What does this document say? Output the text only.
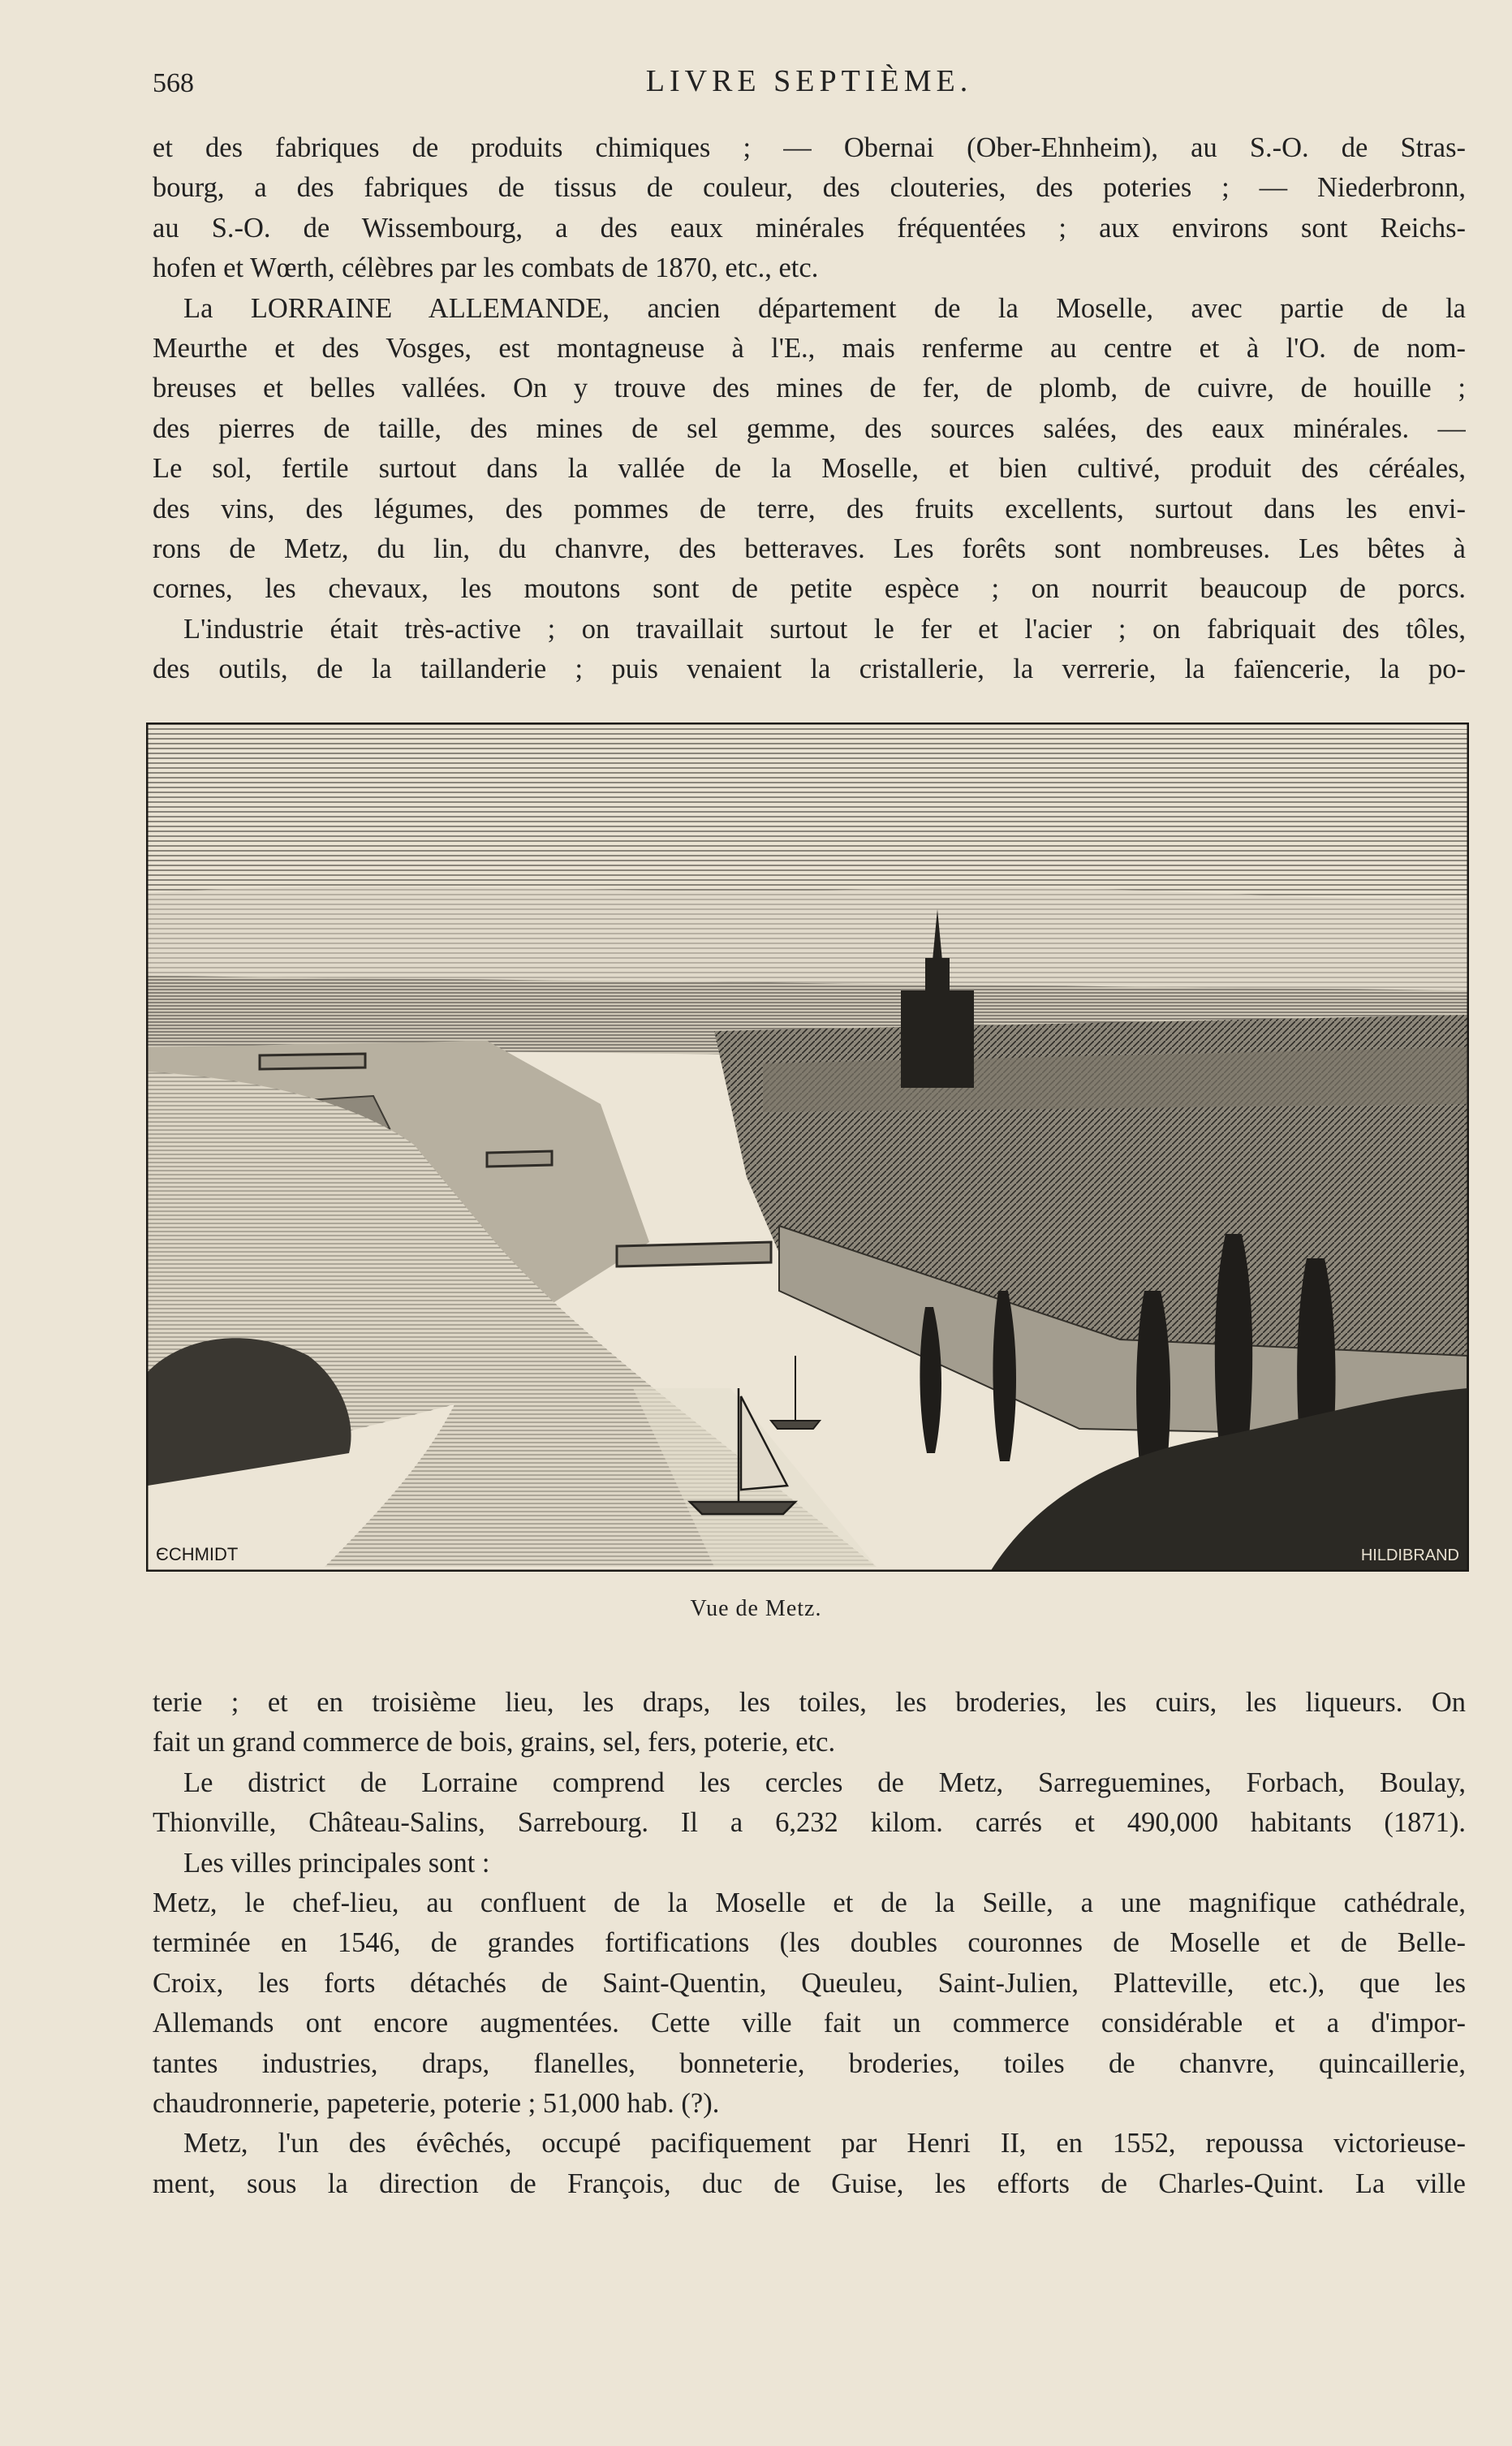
568	LIVRE SEPTIÈME.
et des fabriques de produits chimiques ; — Obernai (Ober-Ehnheim), au S.-O. de Stras-
bourg, a des fabriques de tissus de couleur, des clouteries, des poteries ; — Niederbronn,
au S.-O. de Wissembourg, a des eaux minérales fréquentées ; aux environs sont Reichs-
hofen et Wœrth, célèbres par les combats de 1870, etc., etc.
La LORRAINE ALLEMANDE, ancien département de la Moselle, avec partie de la
Meurthe et des Vosges, est montagneuse à l'E., mais renferme au centre et à l'O. de nom-
breuses et belles vallées. On y trouve des mines de fer, de plomb, de cuivre, de houille ;
des pierres de taille, des mines de sel gemme, des sources salées, des eaux minérales. —
Le sol, fertile surtout dans la vallée de la Moselle, et bien cultivé, produit des céréales,
des vins, des légumes, des pommes de terre, des fruits excellents, surtout dans les envi-
rons de Metz, du lin, du chanvre, des betteraves. Les forêts sont nombreuses. Les bêtes à
cornes, les chevaux, les moutons sont de petite espèce ; on nourrit beaucoup de porcs.
L'industrie était très-active ; on travaillait surtout le fer et l'acier ; on fabriquait des tôles,
des outils, de la taillanderie ; puis venaient la cristallerie, la verrerie, la faïencerie, la po-
ЄCHMIDT	HILDIBRAND
Vue de Metz.
terie ; et en troisième lieu, les draps, les toiles, les broderies, les cuirs, les liqueurs. On
fait un grand commerce de bois, grains, sel, fers, poterie, etc.
Le district de Lorraine comprend les cercles de Metz, Sarreguemines, Forbach, Boulay,
Thionville, Château-Salins, Sarrebourg. Il a 6,232 kilom. carrés et 490,000 habitants (1871).
Les villes principales sont :
Metz, le chef-lieu, au confluent de la Moselle et de la Seille, a une magnifique cathédrale,
terminée en 1546, de grandes fortifications (les doubles couronnes de Moselle et de Belle-
Croix, les forts détachés de Saint-Quentin, Queuleu, Saint-Julien, Platteville, etc.), que les
Allemands ont encore augmentées. Cette ville fait un commerce considérable et a d'impor-
tantes industries, draps, flanelles, bonneterie, broderies, toiles de chanvre, quincaillerie,
chaudronnerie, papeterie, poterie ; 51,000 hab. (?).
Metz, l'un des évêchés, occupé pacifiquement par Henri II, en 1552, repoussa victorieuse-
ment, sous la direction de François, duc de Guise, les efforts de Charles-Quint. La ville
